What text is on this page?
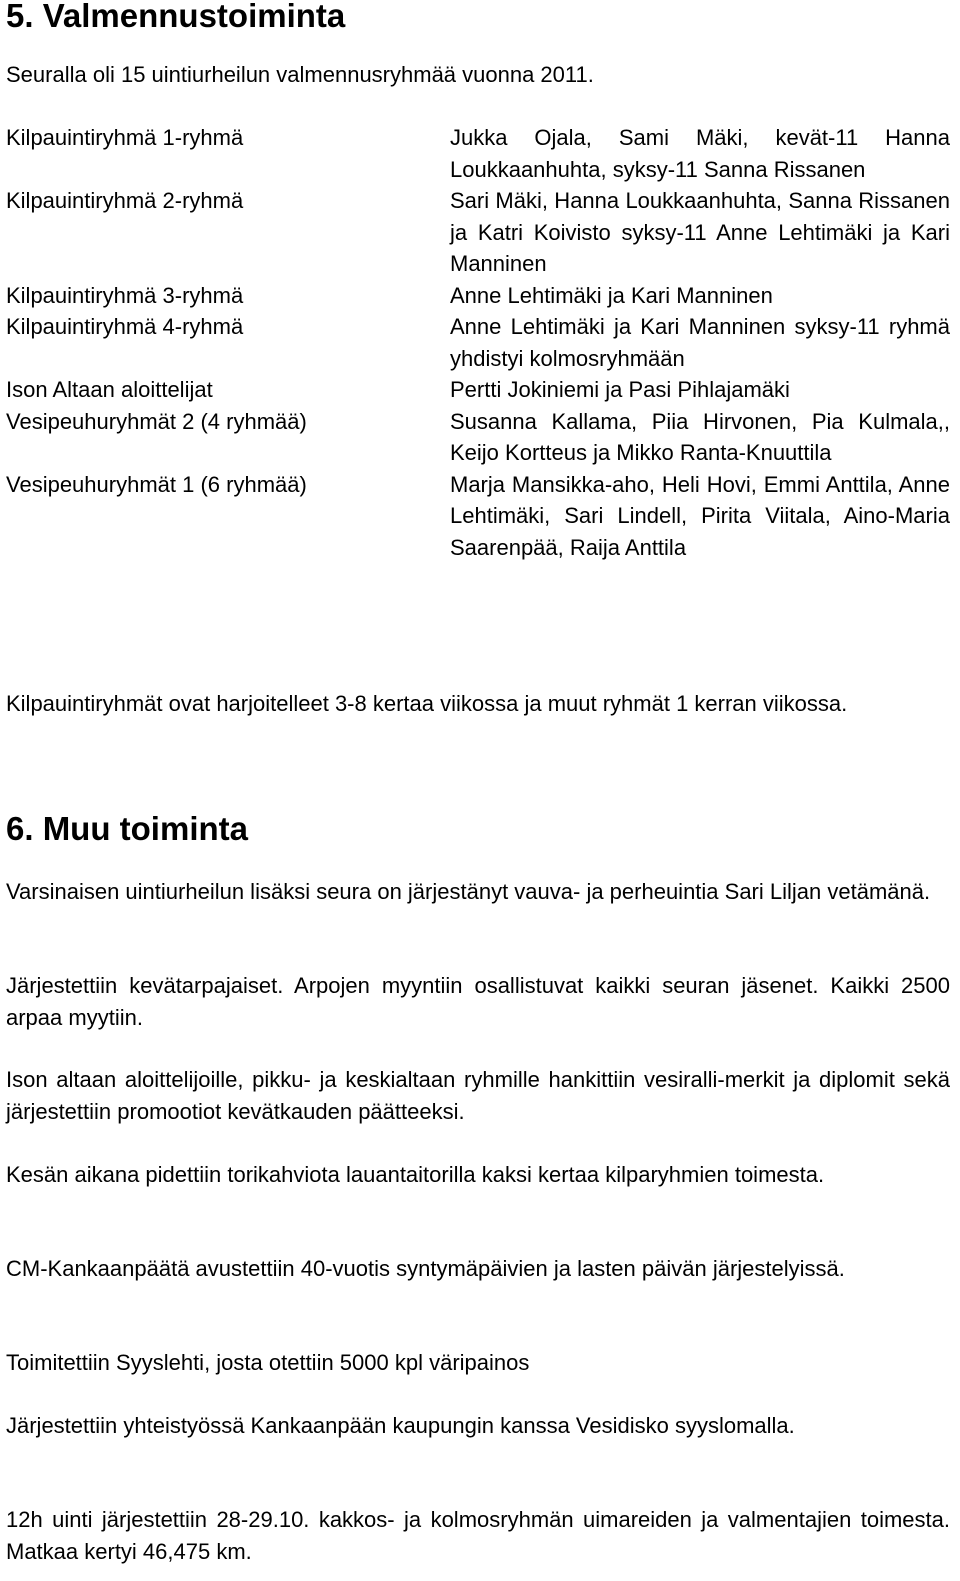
5. Valmennustoiminta

Seuralla oli 15 uintiurheilun valmennusryhmää vuonna 2011.

Kilpauintiryhmä 1-ryhmä	Jukka Ojala, Sami Mäki, kevät-11 Hanna Loukkaanhuhta, syksy-11 Sanna Rissanen
Kilpauintiryhmä 2-ryhmä	Sari Mäki, Hanna Loukkaanhuhta, Sanna Rissanen ja Katri Koivisto syksy-11 Anne Lehtimäki ja Kari Manninen
Kilpauintiryhmä 3-ryhmä	Anne Lehtimäki ja Kari Manninen
Kilpauintiryhmä 4-ryhmä	Anne Lehtimäki ja Kari Manninen syksy-11 ryhmä yhdistyi kolmosryhmään
Ison Altaan aloittelijat	Pertti Jokiniemi ja Pasi Pihlajamäki
Vesipeuhuryhmät 2 (4 ryhmää)	Susanna Kallama, Piia Hirvonen, Pia Kulmala,, Keijo Kortteus ja Mikko Ranta-Knuuttila
Vesipeuhuryhmät 1 (6 ryhmää)	Marja Mansikka-aho, Heli Hovi, Emmi Anttila, Anne Lehtimäki, Sari Lindell, Pirita Viitala, Aino-Maria Saarenpää, Raija Anttila

Kilpauintiryhmät ovat harjoitelleet 3-8 kertaa viikossa ja muut ryhmät 1 kerran viikossa.

6. Muu toiminta

Varsinaisen uintiurheilun lisäksi seura on järjestänyt vauva- ja perheuintia Sari Liljan vetämänä.

Järjestettiin kevätarpajaiset. Arpojen myyntiin osallistuvat kaikki seuran jäsenet. Kaikki 2500 arpaa myytiin.

Ison altaan aloittelijoille, pikku- ja keskialtaan ryhmille hankittiin vesiralli-merkit ja diplomit sekä järjestettiin promootiot kevätkauden päätteeksi.

Kesän aikana pidettiin torikahviota lauantaitorilla kaksi kertaa kilparyhmien toimesta.

CM-Kankaanpäätä avustettiin 40-vuotis syntymäpäivien ja lasten päivän järjestelyissä.

Toimitettiin Syyslehti, josta otettiin 5000 kpl väripainos

Järjestettiin yhteistyössä Kankaanpään kaupungin kanssa Vesidisko syyslomalla.

12h uinti järjestettiin 28-29.10. kakkos- ja kolmosryhmän uimareiden ja valmentajien toimesta. Matkaa kertyi 46,475 km.
